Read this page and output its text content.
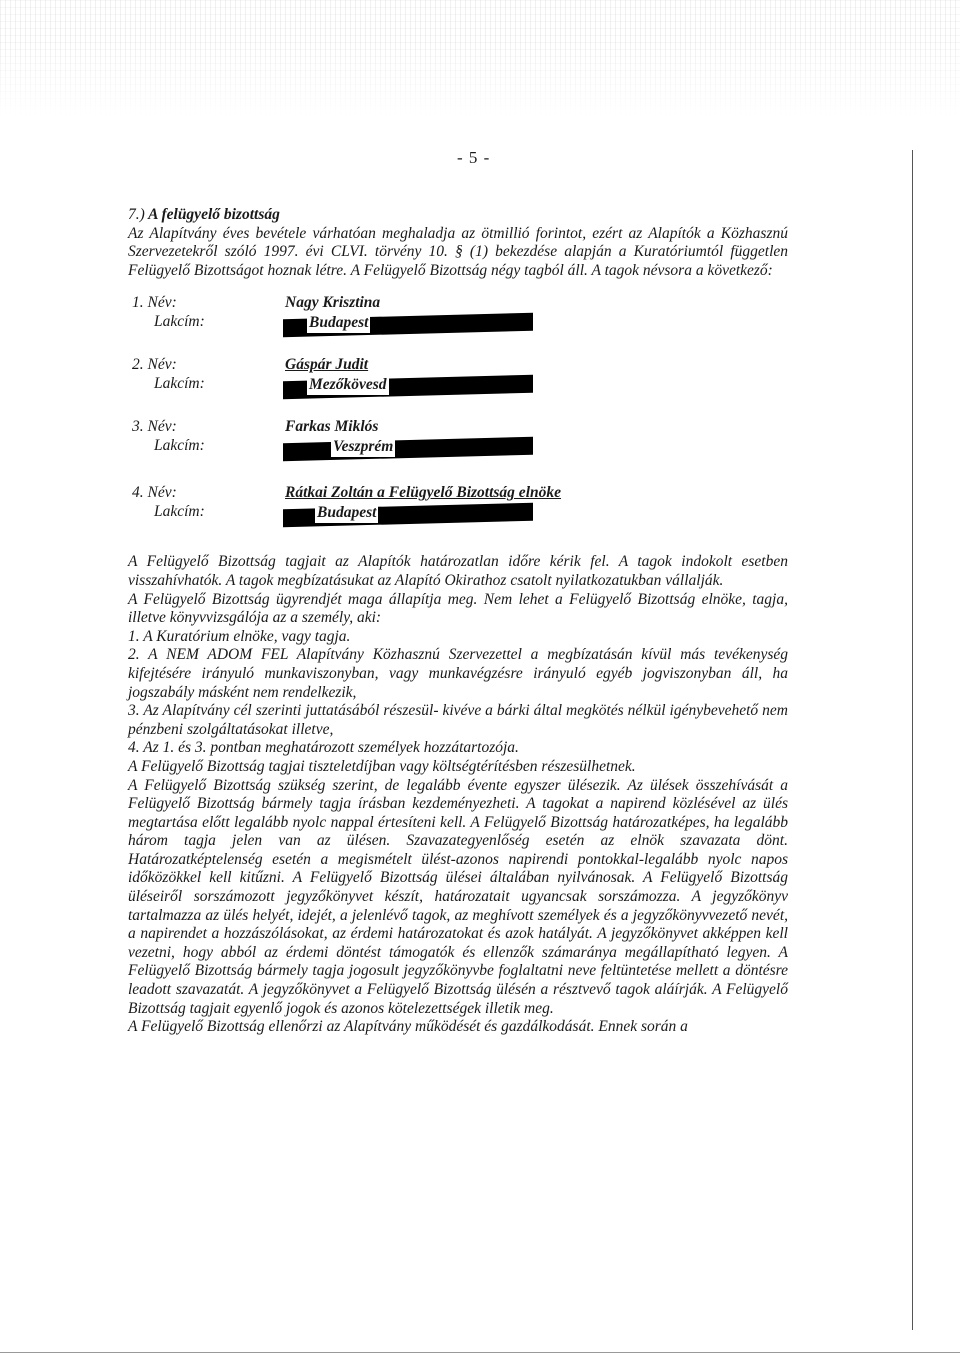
- 5 -

7.) A felügyelő bizottság

Az Alapítvány éves bevétele várhatóan meghaladja az ötmillió forintot, ezért az Alapítók a Közhasznú Szervezetekről szóló 1997. évi CLVI. törvény 10. § (1) bekezdése alapján a Kuratóriumtól független Felügyelő Bizottságot hoznak létre. A Felügyelő Bizottság négy tagból áll. A tagok névsora a következő:

1. Név:
Lakcím:
Nagy Krisztina
Budapest
2. Név:
Lakcím:
Gáspár Judit
Mezőkövesd
3. Név:
Lakcím:
Farkas Miklós
Veszprém
4. Név:
Lakcím:
Rátkai Zoltán a Felügyelő Bizottság elnöke
Budapest

A Felügyelő Bizottság tagjait az Alapítók határozatlan időre kérik fel. A tagok indokolt esetben visszahívhatók. A tagok megbízatásukat az Alapító Okirathoz csatolt nyilatkozatukban vállalják.

A Felügyelő Bizottság ügyrendjét maga állapítja meg. Nem lehet a Felügyelő Bizottság elnöke, tagja, illetve könyvvizsgálója az a személy, aki:

1. A Kuratórium elnöke, vagy tagja.

2. A NEM ADOM FEL Alapítvány Közhasznú Szervezettel a megbízatásán kívül más tevékenység kifejtésére irányuló munkaviszonyban, vagy munkavégzésre irányuló egyéb jogviszonyban áll, ha jogszabály másként nem rendelkezik,

3. Az Alapítvány cél szerinti juttatásából részesül- kivéve a bárki által megkötés nélkül igénybevehető nem pénzbeni szolgáltatásokat illetve,

4. Az 1. és 3. pontban meghatározott személyek hozzátartozója.

A Felügyelő Bizottság tagjai tiszteletdíjban vagy költségtérítésben részesülhetnek.

A Felügyelő Bizottság szükség szerint, de legalább évente egyszer ülésezik. Az ülések összehívását a Felügyelő Bizottság bármely tagja írásban kezdeményezheti. A tagokat a napirend közlésével az ülés megtartása előtt legalább nyolc nappal értesíteni kell. A Felügyelő Bizottság határozatképes, ha legalább három tagja jelen van az ülésen. Szavazategyenlőség esetén az elnök szavazata dönt. Határozatképtelenség esetén a megismételt ülést-azonos napirendi pontokkal-legalább nyolc napos időközökkel kell kitűzni. A Felügyelő Bizottság ülései általában nyilvánosak. A Felügyelő Bizottság üléseiről sorszámozott jegyzőkönyvet készít, határozatait ugyancsak sorszámozza. A jegyzőkönyv tartalmazza az ülés helyét, idejét, a jelenlévő tagok, az meghívott személyek és a jegyzőkönyvvezető nevét, a napirendet a hozzászólásokat, az érdemi határozatokat és azok hatályát. A jegyzőkönyvet akképpen kell vezetni, hogy abból az érdemi döntést támogatók és ellenzők számaránya megállapítható legyen. A Felügyelő Bizottság bármely tagja jogosult jegyzőkönyvbe foglaltatni neve feltüntetése mellett a döntésre leadott szavazatát. A jegyzőkönyvet a Felügyelő Bizottság ülésén a résztvevő tagok aláírják. A Felügyelő Bizottság tagjait egyenlő jogok és azonos kötelezettségek illetik meg.

A Felügyelő Bizottság ellenőrzi az Alapítvány működését és gazdálkodását. Ennek során a
